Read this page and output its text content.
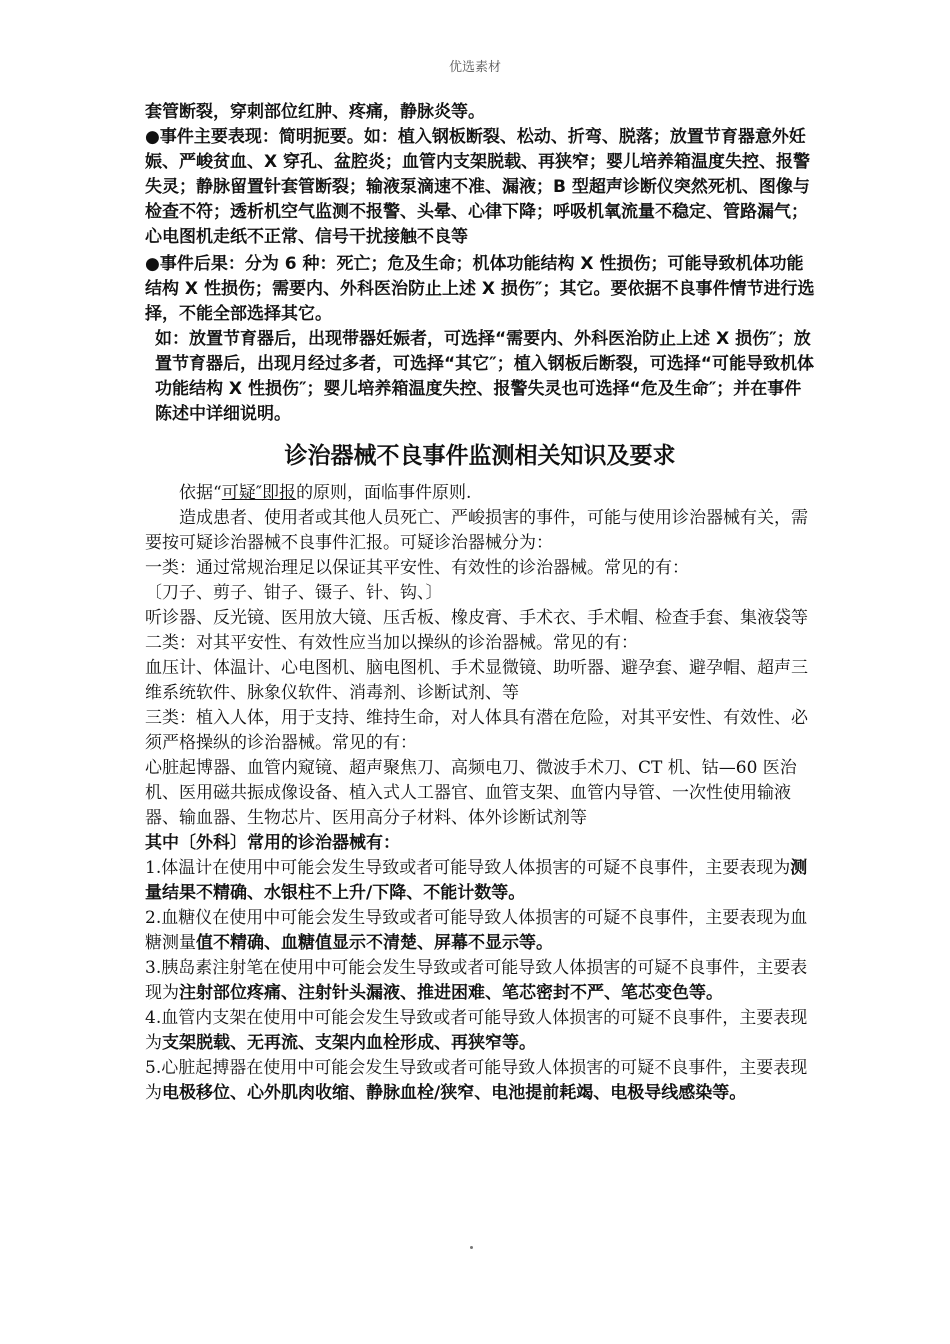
优选素材

套管断裂，穿刺部位红肿、疼痛，静脉炎等。

●事件主要表现：简明扼要。如：植入钢板断裂、松动、折弯、脱落；放置节育器意外妊娠、严峻贫血、X 穿孔、盆腔炎；血管内支架脱载、再狭窄；婴儿培养箱温度失控、报警失灵；静脉留置针套管断裂；输液泵滴速不准、漏液；B 型超声诊断仪突然死机、图像与检查不符；透析机空气监测不报警、头晕、心律下降；呼吸机氧流量不稳定、管路漏气；心电图机走纸不正常、信号干扰接触不良等

●事件后果：分为 6 种：死亡；危及生命；机体功能结构 X 性损伤；可能导致机体功能结构 X 性损伤；需要内、外科医治防止上述 X 损伤″；其它。要依据不良事件情节进行选择，不能全部选择其它。

如：放置节育器后，出现带器妊娠者，可选择“需要内、外科医治防止上述 X 损伤″；放置节育器后，出现月经过多者，可选择“其它″；植入钢板后断裂，可选择“可能导致机体功能结构 X 性损伤″；婴儿培养箱温度失控、报警失灵也可选择“危及生命″；并在事件陈述中详细说明。

诊治器械不良事件监测相关知识及要求

依据“可疑″即报的原则，面临事件原则.

造成患者、使用者或其他人员死亡、严峻损害的事件，可能与使用诊治器械有关，需要按可疑诊治器械不良事件汇报。可疑诊治器械分为：

一类：通过常规治理足以保证其平安性、有效性的诊治器械。常见的有：

〔刀子、剪子、钳子、镊子、针、钩、〕

听诊器、反光镜、医用放大镜、压舌板、橡皮膏、手术衣、手术帽、检查手套、集液袋等

二类：对其平安性、有效性应当加以操纵的诊治器械。常见的有：

血压计、体温计、心电图机、脑电图机、手术显微镜、助听器、避孕套、避孕帽、超声三维系统软件、脉象仪软件、消毒剂、诊断试剂、等

三类：植入人体，用于支持、维持生命，对人体具有潜在危险，对其平安性、有效性、必须严格操纵的诊治器械。常见的有：

心脏起博器、血管内窥镜、超声聚焦刀、高频电刀、微波手术刀、CT 机、钴—60 医治机、医用磁共振成像设备、植入式人工器官、血管支架、血管内导管、一次性使用输液器、输血器、生物芯片、医用高分子材料、体外诊断试剂等

其中〔外科〕常用的诊治器械有：

1.体温计在使用中可能会发生导致或者可能导致人体损害的可疑不良事件，主要表现为测量结果不精确、水银柱不上升/下降、不能计数等。

2.血糖仪在使用中可能会发生导致或者可能导致人体损害的可疑不良事件，主要表现为血糖测量值不精确、血糖值显示不清楚、屏幕不显示等。

3.胰岛素注射笔在使用中可能会发生导致或者可能导致人体损害的可疑不良事件，主要表现为注射部位疼痛、注射针头漏液、推进困难、笔芯密封不严、笔芯变色等。

4.血管内支架在使用中可能会发生导致或者可能导致人体损害的可疑不良事件，主要表现为支架脱载、无再流、支架内血栓形成、再狭窄等。

5.心脏起搏器在使用中可能会发生导致或者可能导致人体损害的可疑不良事件，主要表现为电极移位、心外肌肉收缩、静脉血栓/狭窄、电池提前耗竭、电极导线感染等。
